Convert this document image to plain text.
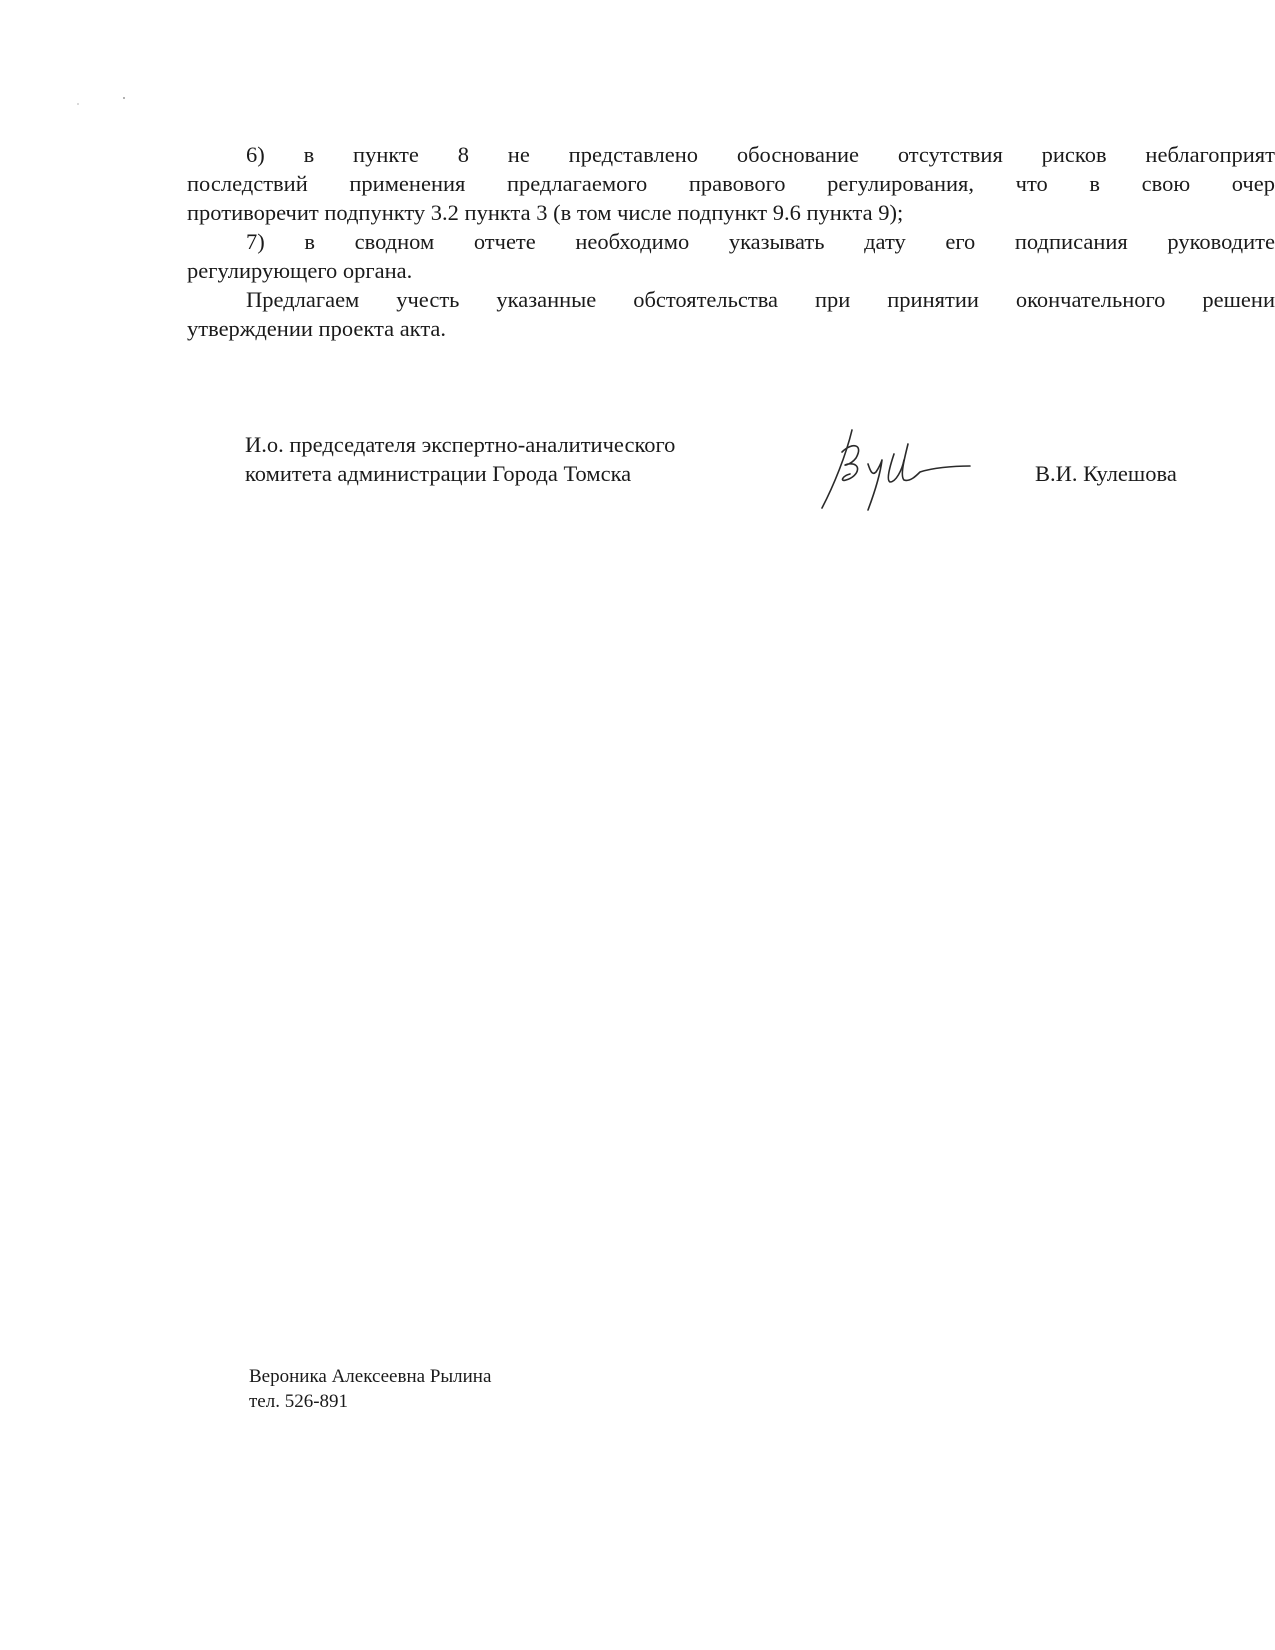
6) в пункте 8 не представлено обоснование отсутствия рисков неблагоприят
последствий применения предлагаемого правового регулирования, что в свою очер
противоречит подпункту 3.2 пункта 3 (в том числе подпункт 9.6 пункта 9);

7) в сводном отчете необходимо указывать дату его подписания руководите
регулирующего органа.

Предлагаем учесть указанные обстоятельства при принятии окончательного решени
утверждении проекта акта.

И.о. председателя экспертно-аналитического
комитета администрации Города Томска	В.И. Кулешова
Вероника Алексеевна Рылина
тел. 526-891
